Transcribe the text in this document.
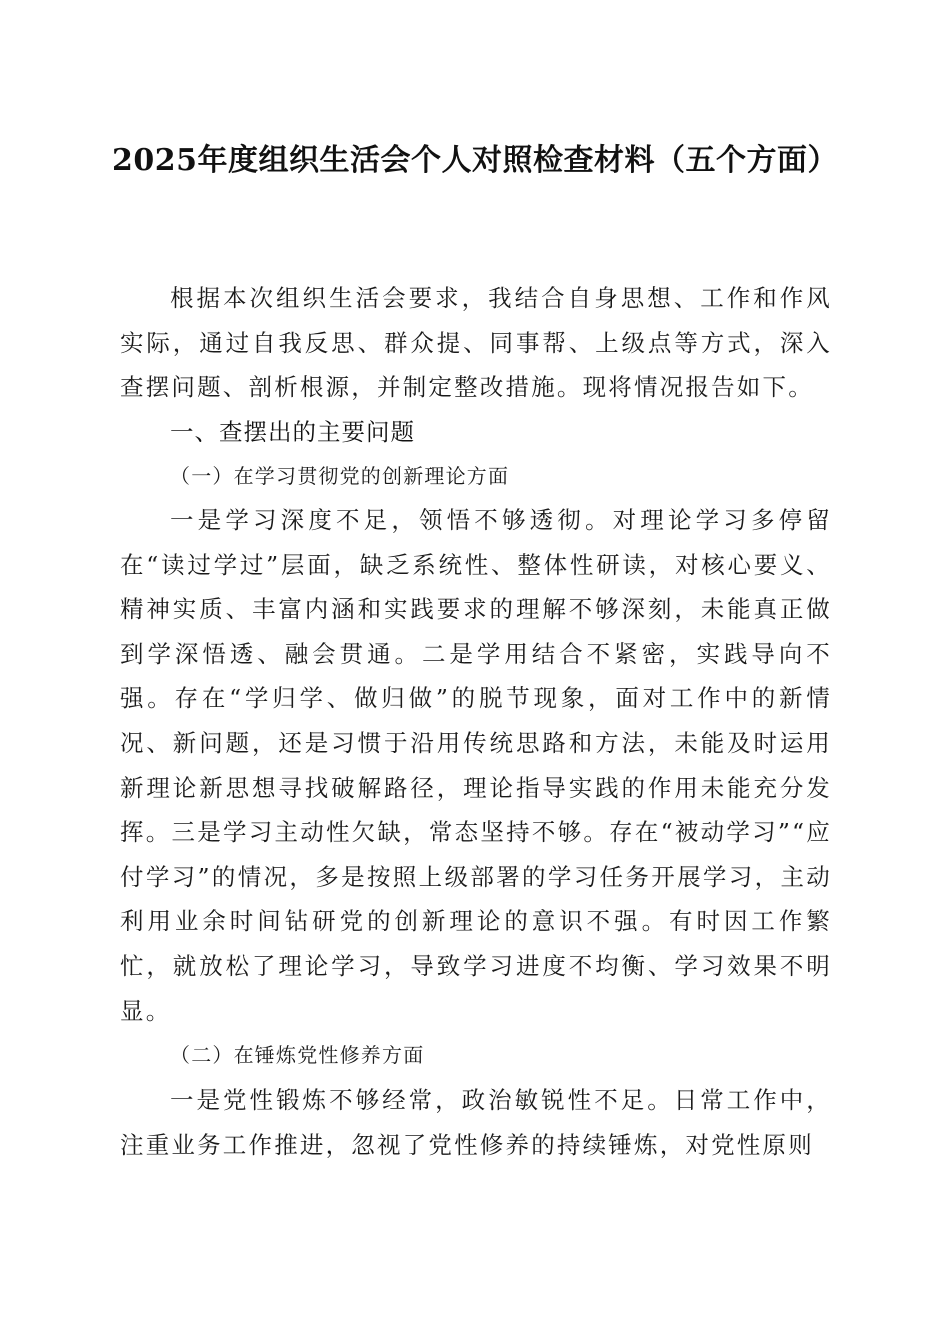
2025年度组织生活会个人对照检查材料（五个方面）
根据本次组织生活会要求，我结合自身思想、工作和作风实际，通过自我反思、群众提、同事帮、上级点等方式，深入查摆问题、剖析根源，并制定整改措施。现将情况报告如下。
一、查摆出的主要问题
（一）在学习贯彻党的创新理论方面
一是学习深度不足，领悟不够透彻。对理论学习多停留在“读过学过”层面，缺乏系统性、整体性研读，对核心要义、精神实质、丰富内涵和实践要求的理解不够深刻，未能真正做到学深悟透、融会贯通。二是学用结合不紧密，实践导向不强。存在“学归学、做归做”的脱节现象，面对工作中的新情况、新问题，还是习惯于沿用传统思路和方法，未能及时运用新理论新思想寻找破解路径，理论指导实践的作用未能充分发挥。三是学习主动性欠缺，常态坚持不够。存在“被动学习”“应付学习”的情况，多是按照上级部署的学习任务开展学习，主动利用业余时间钻研党的创新理论的意识不强。有时因工作繁忙，就放松了理论学习，导致学习进度不均衡、学习效果不明显。
（二）在锤炼党性修养方面
一是党性锻炼不够经常，政治敏锐性不足。日常工作中，注重业务工作推进，忽视了党性修养的持续锤炼，对党性原则
